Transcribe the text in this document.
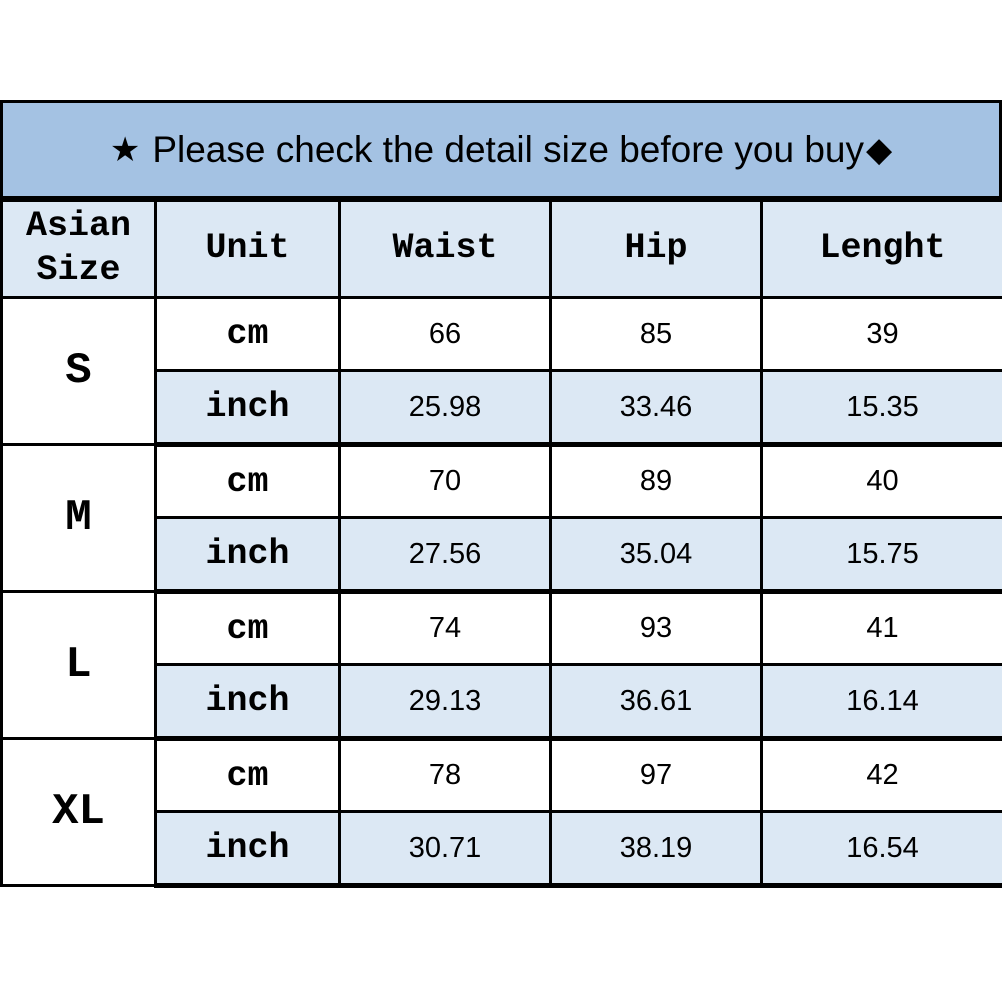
★ Please check the detail size before you buy ◆
Asian Size	Unit	Waist	Hip	Lenght
S	cm	66	85	39
	inch	25.98	33.46	15.35
M	cm	70	89	40
	inch	27.56	35.04	15.75
L	cm	74	93	41
	inch	29.13	36.61	16.14
XL	cm	78	97	42
	inch	30.71	38.19	16.54
